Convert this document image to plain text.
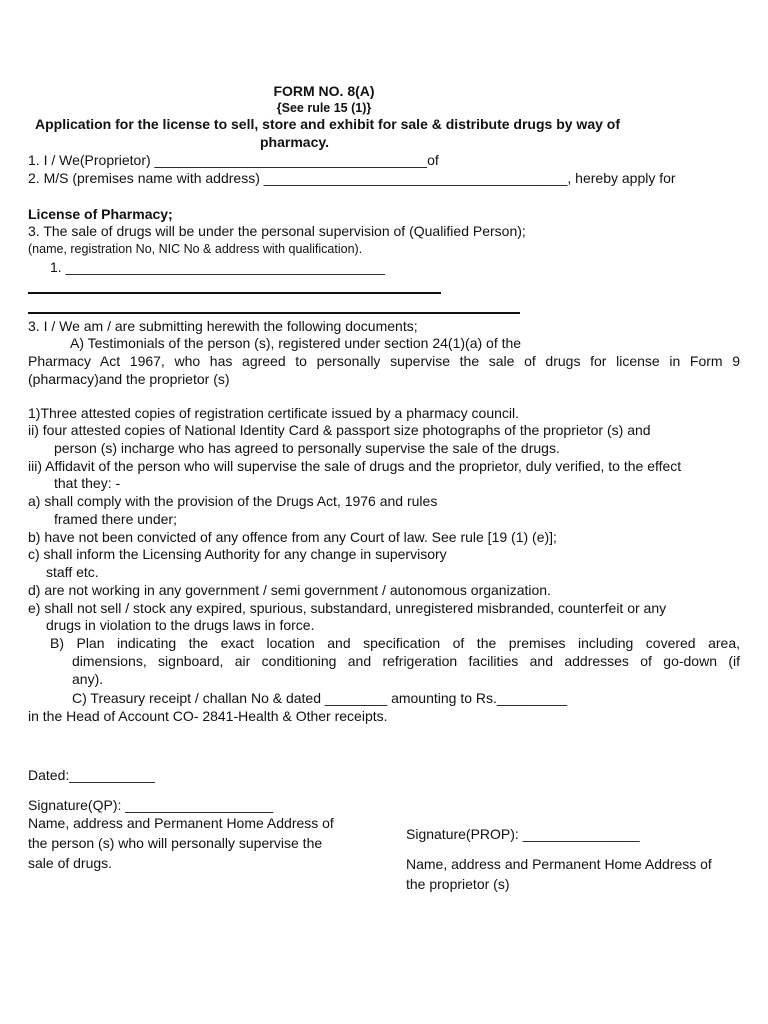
FORM NO. 8(A)
{See rule 15 (1)}
Application for the license to sell, store and exhibit for sale & distribute drugs by way of
pharmacy.
1. I / We(Proprietor) ___________________________________of
2. M/S (premises name with address) _______________________________________, hereby apply for
License of Pharmacy;
3. The sale of drugs will be under the personal supervision of (Qualified Person);
(name, registration No, NIC No & address with qualification).
1. _________________________________________
3. I / We am / are submitting herewith the following documents;
A) Testimonials of the person (s), registered under section 24(1)(a) of the
Pharmacy Act 1967, who has agreed to personally supervise the sale of drugs for license in Form 9
(pharmacy)and the proprietor (s)
1)Three attested copies of registration certificate issued by a pharmacy council.
ii) four attested copies of National Identity Card & passport size photographs of the proprietor (s) and
person (s) incharge who has agreed to personally supervise the sale of the drugs.
iii) Affidavit of the person who will supervise the sale of drugs and the proprietor, duly verified, to the effect
that they: -
a) shall comply with the provision of the Drugs Act, 1976 and rules
framed there under;
b) have not been convicted of any offence from any Court of law. See rule [19 (1) (e)];
c) shall inform the Licensing Authority for any change in supervisory
staff etc.
d) are not working in any government / semi government / autonomous organization.
e) shall not sell / stock any expired, spurious, substandard, unregistered misbranded, counterfeit or any
drugs in violation to the drugs laws in force.
B) Plan indicating the exact location and specification of the premises including covered area,
dimensions, signboard, air conditioning and refrigeration facilities and addresses of go-down (if
any).
C) Treasury receipt / challan No & dated ________ amounting to Rs._________
in the Head of Account CO- 2841-Health & Other receipts.
Dated:___________
Signature(QP): ___________________
Name, address and Permanent Home Address of
the person (s) who will personally supervise the
sale of drugs.
Signature(PROP): _______________
Name, address and Permanent Home Address of
the proprietor (s)
